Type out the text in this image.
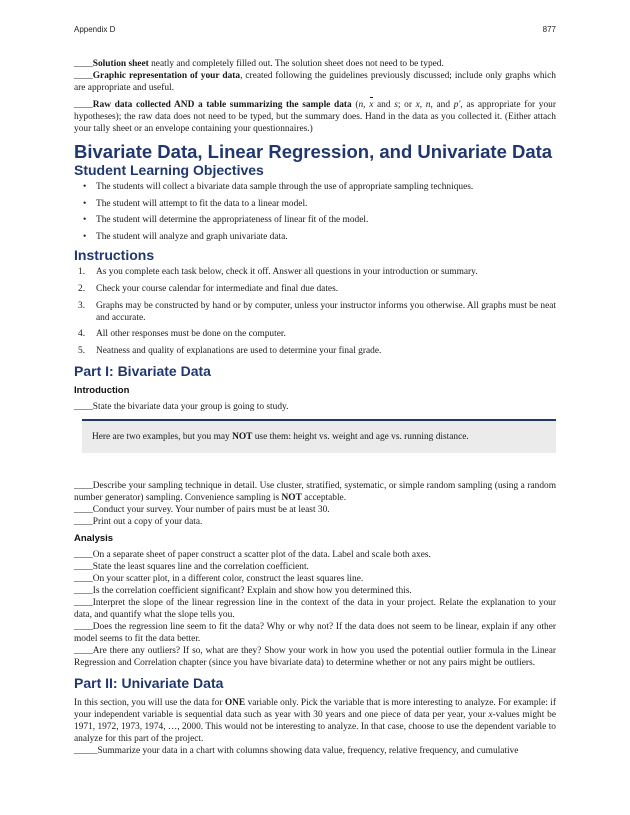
Appendix D	877

____Solution sheet neatly and completely filled out. The solution sheet does not need to be typed.

____Graphic representation of your data, created following the guidelines previously discussed; include only graphs which are appropriate and useful.

____Raw data collected AND a table summarizing the sample data (n, x and s; or x, n, and p', as appropriate for your hypotheses); the raw data does not need to be typed, but the summary does. Hand in the data as you collected it. (Either attach your tally sheet or an envelope containing your questionnaires.)

Bivariate Data, Linear Regression, and Univariate Data
Student Learning Objectives
• The students will collect a bivariate data sample through the use of appropriate sampling techniques.
• The student will attempt to fit the data to a linear model.
• The student will determine the appropriateness of linear fit of the model.
• The student will analyze and graph univariate data.
Instructions
1. As you complete each task below, check it off. Answer all questions in your introduction or summary.
2. Check your course calendar for intermediate and final due dates.
3. Graphs may be constructed by hand or by computer, unless your instructor informs you otherwise. All graphs must be neat and accurate.
4. All other responses must be done on the computer.
5. Neatness and quality of explanations are used to determine your final grade.
Part I: Bivariate Data
Introduction

____State the bivariate data your group is going to study.

Here are two examples, but you may NOT use them: height vs. weight and age vs. running distance.

____Describe your sampling technique in detail. Use cluster, stratified, systematic, or simple random sampling (using a random number generator) sampling. Convenience sampling is NOT acceptable.

____Conduct your survey. Your number of pairs must be at least 30.

____Print out a copy of your data.

Analysis

____On a separate sheet of paper construct a scatter plot of the data. Label and scale both axes.

____State the least squares line and the correlation coefficient.

____On your scatter plot, in a different color, construct the least squares line.

____Is the correlation coefficient significant? Explain and show how you determined this.

____Interpret the slope of the linear regression line in the context of the data in your project. Relate the explanation to your data, and quantify what the slope tells you.

____Does the regression line seem to fit the data? Why or why not? If the data does not seem to be linear, explain if any other model seems to fit the data better.

____Are there any outliers? If so, what are they? Show your work in how you used the potential outlier formula in the Linear Regression and Correlation chapter (since you have bivariate data) to determine whether or not any pairs might be outliers.

Part II: Univariate Data

In this section, you will use the data for ONE variable only. Pick the variable that is more interesting to analyze. For example: if your independent variable is sequential data such as year with 30 years and one piece of data per year, your x-values might be 1971, 1972, 1973, 1974, …, 2000. This would not be interesting to analyze. In that case, choose to use the dependent variable to analyze for this part of the project.

_____Summarize your data in a chart with columns showing data value, frequency, relative frequency, and cumulative
